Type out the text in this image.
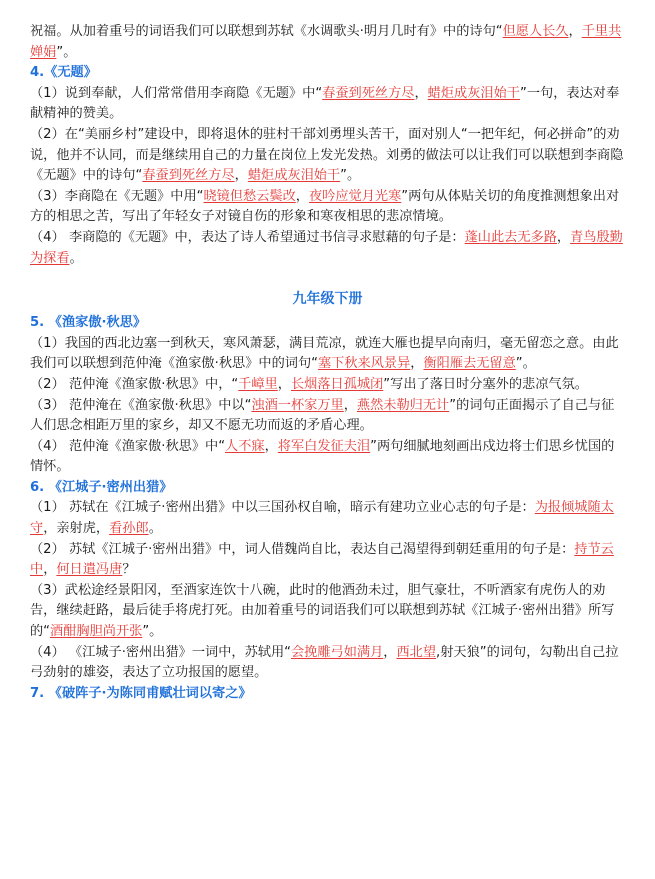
祝福。从加着重号的词语我们可以联想到苏轼《水调歌头·明月几时有》中的诗句“但愿人长久，千里共婵娟”。

4.《无题》

（1）说到奉献，人们常常借用李商隐《无题》中“春蚕到死丝方尽，蜡炬成灰泪始干”一句，表达对奉献精神的赞美。

（2）在“美丽乡村”建设中，即将退休的驻村干部刘勇埋头苦干，面对别人“一把年纪，何必拼命”的劝说，他并不认同，而是继续用自己的力量在岗位上发光发热。刘勇的做法可以让我们可以联想到李商隐《无题》中的诗句“春蚕到死丝方尽，蜡炬成灰泪始干”。

（3）李商隐在《无题》中用“晓镜但愁云鬓改，夜吟应觉月光寒”两句从体贴关切的角度推测想象出对方的相思之苦，写出了年轻女子对镜自伤的形象和寒夜相思的悲凉情境。

（4） 李商隐的《无题》中，表达了诗人希望通过书信寻求慰藉的句子是：蓬山此去无多路，青鸟殷勤为探看。

九年级下册

5. 《渔家傲·秋思》

（1）我国的西北边塞一到秋天，寒风萧瑟，满目荒凉，就连大雁也提早向南归，毫无留恋之意。由此我们可以联想到范仲淹《渔家傲·秋思》中的词句“塞下秋来风景异，衡阳雁去无留意”。

（2） 范仲淹《渔家傲·秋思》中，“千嶂里，长烟落日孤城闭”写出了落日时分塞外的悲凉气氛。

（3） 范仲淹在《渔家傲·秋思》中以“浊酒一杯家万里，燕然未勒归无计”的词句正面揭示了自己与征人们思念相距万里的家乡，却又不愿无功而返的矛盾心理。

（4） 范仲淹《渔家傲·秋思》中“人不寐，将军白发征夫泪”两句细腻地刻画出戍边将士们思乡忧国的情怀。

6. 《江城子·密州出猎》

（1） 苏轼在《江城子·密州出猎》中以三国孙权自喻，暗示有建功立业心志的句子是：为报倾城随太守，亲射虎，看孙郎。

（2） 苏轼《江城子·密州出猎》中，词人借魏尚自比，表达自己渴望得到朝廷重用的句子是：持节云中，何日遣冯唐？

（3）武松途经景阳冈，至酒家连饮十八碗，此时的他酒劲未过，胆气豪壮，不听酒家有虎伤人的劝告，继续赶路，最后徒手将虎打死。由加着重号的词语我们可以联想到苏轼《江城子·密州出猎》所写的“酒酣胸胆尚开张”。

（4） 《江城子·密州出猎》一词中，苏轼用“会挽雕弓如满月，西北望,射天狼”的词句，勾勒出自己拉弓劲射的雄姿，表达了立功报国的愿望。

7. 《破阵子·为陈同甫赋壮词以寄之》
